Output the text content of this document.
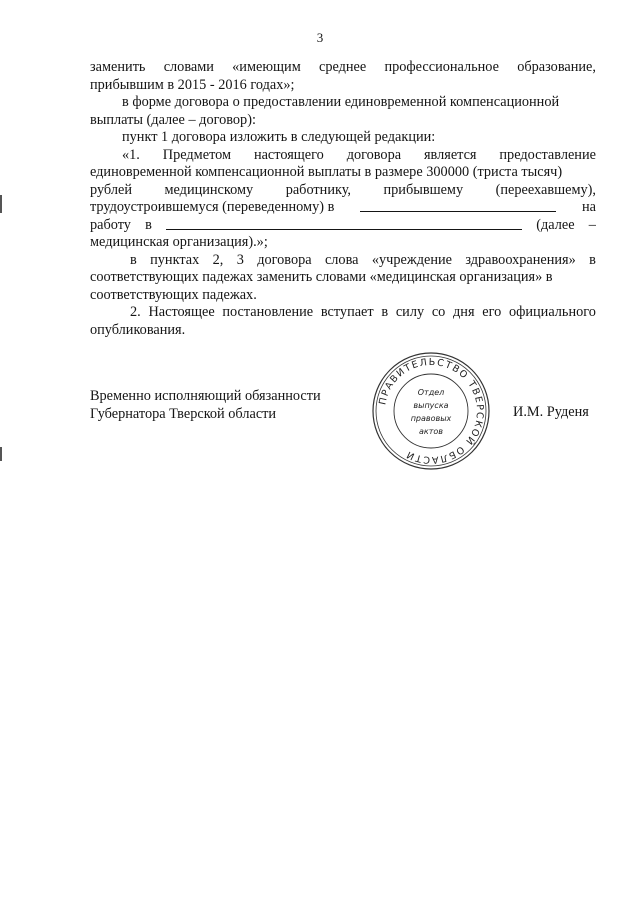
3
заменить словами «имеющим среднее профессиональное образование,
прибывшим в 2015 - 2016 годах»;
в форме договора о предоставлении единовременной компенсационной
выплаты (далее – договор):
пункт 1 договора изложить в следующей редакции:
«1. Предметом настоящего договора является предоставление
единовременной компенсационной выплаты в размере 300000 (триста тысяч)
рублей медицинскому работнику, прибывшему (переехавшему),
трудоустроившемуся (переведенному) в	на
работу в	(далее –
медицинская организация).»;
в пунктах 2, 3 договора слова «учреждение здравоохранения» в
соответствующих падежах заменить словами «медицинская организация» в
соответствующих падежах.
2. Настоящее постановление вступает в силу со дня его официального
опубликования.
Временно исполняющий обязанности
Губернатора Тверской области
ПРАВИТЕЛЬСТВО ТВЕРСКОЙ ОБЛАСТИ
Отдел
выпуска
правовых
актов
И.М. Руденя
